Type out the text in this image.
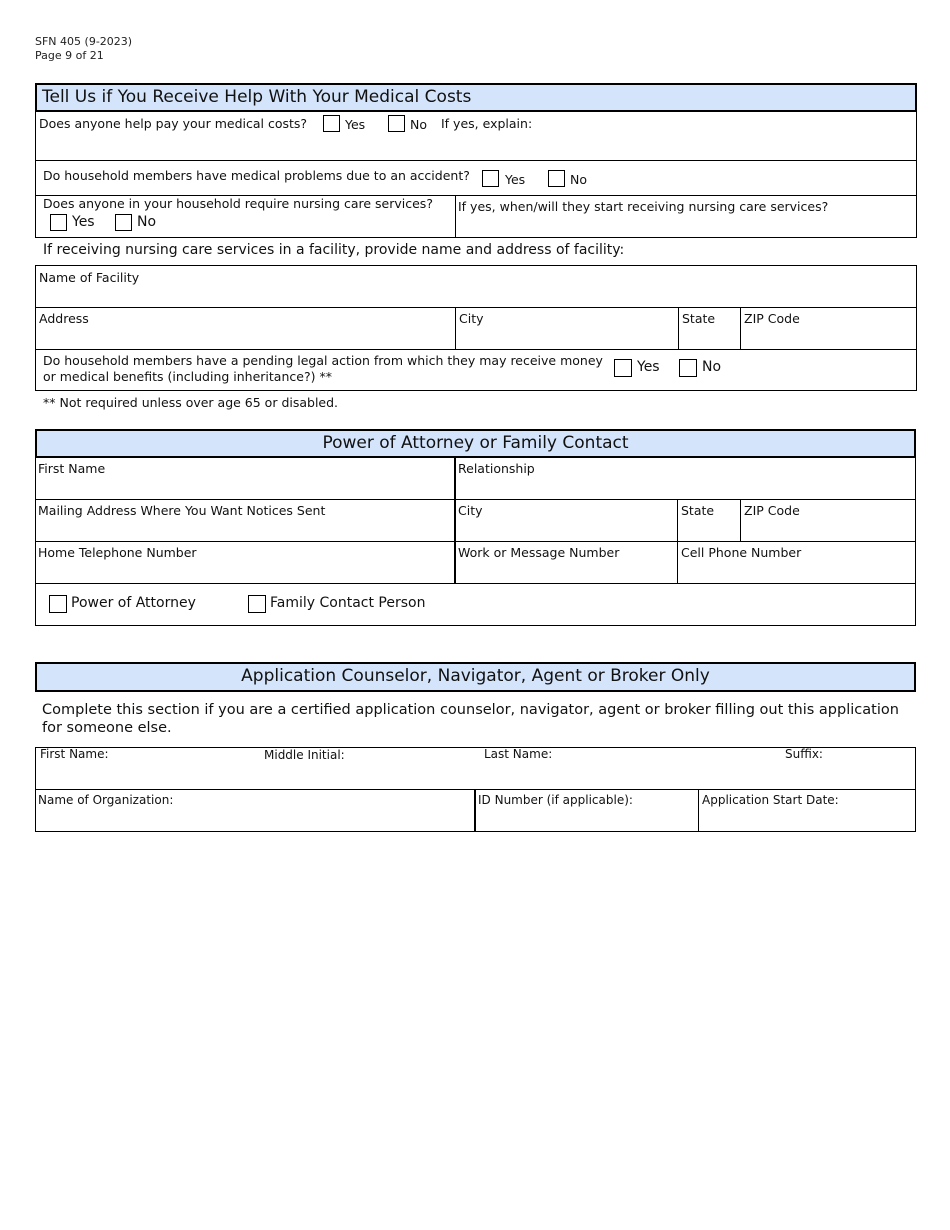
SFN 405 (9-2023)
Page 9 of 21
Tell Us if You Receive Help With Your Medical Costs
Does anyone help pay your medical costs?	Yes	No If yes, explain:
Do household members have medical problems due to an accident?	Yes	No
Does anyone in your household require nursing care services?
Yes	No
If yes, when/will they start receiving nursing care services?
If receiving nursing care services in a facility, provide name and address of facility:
Name of Facility
Address	City	State ZIP Code
Do household members have a pending legal action from which they may receive money
or medical benefits (including inheritance?) **
Yes	No
** Not required unless over age 65 or disabled.
Power of Attorney or Family Contact
First Name	Relationship
Mailing Address Where You Want Notices Sent	City	State ZIP Code
Home Telephone Number	Work or Message Number	Cell Phone Number
Power of Attorney	Family Contact Person
Application Counselor, Navigator, Agent or Broker Only
Complete this section if you are a certified application counselor, navigator, agent or broker filling out this application
for someone else.
First Name:	Middle Initial:	Last Name:	Suffix:
Name of Organization:	ID Number (if applicable):	Application Start Date:
